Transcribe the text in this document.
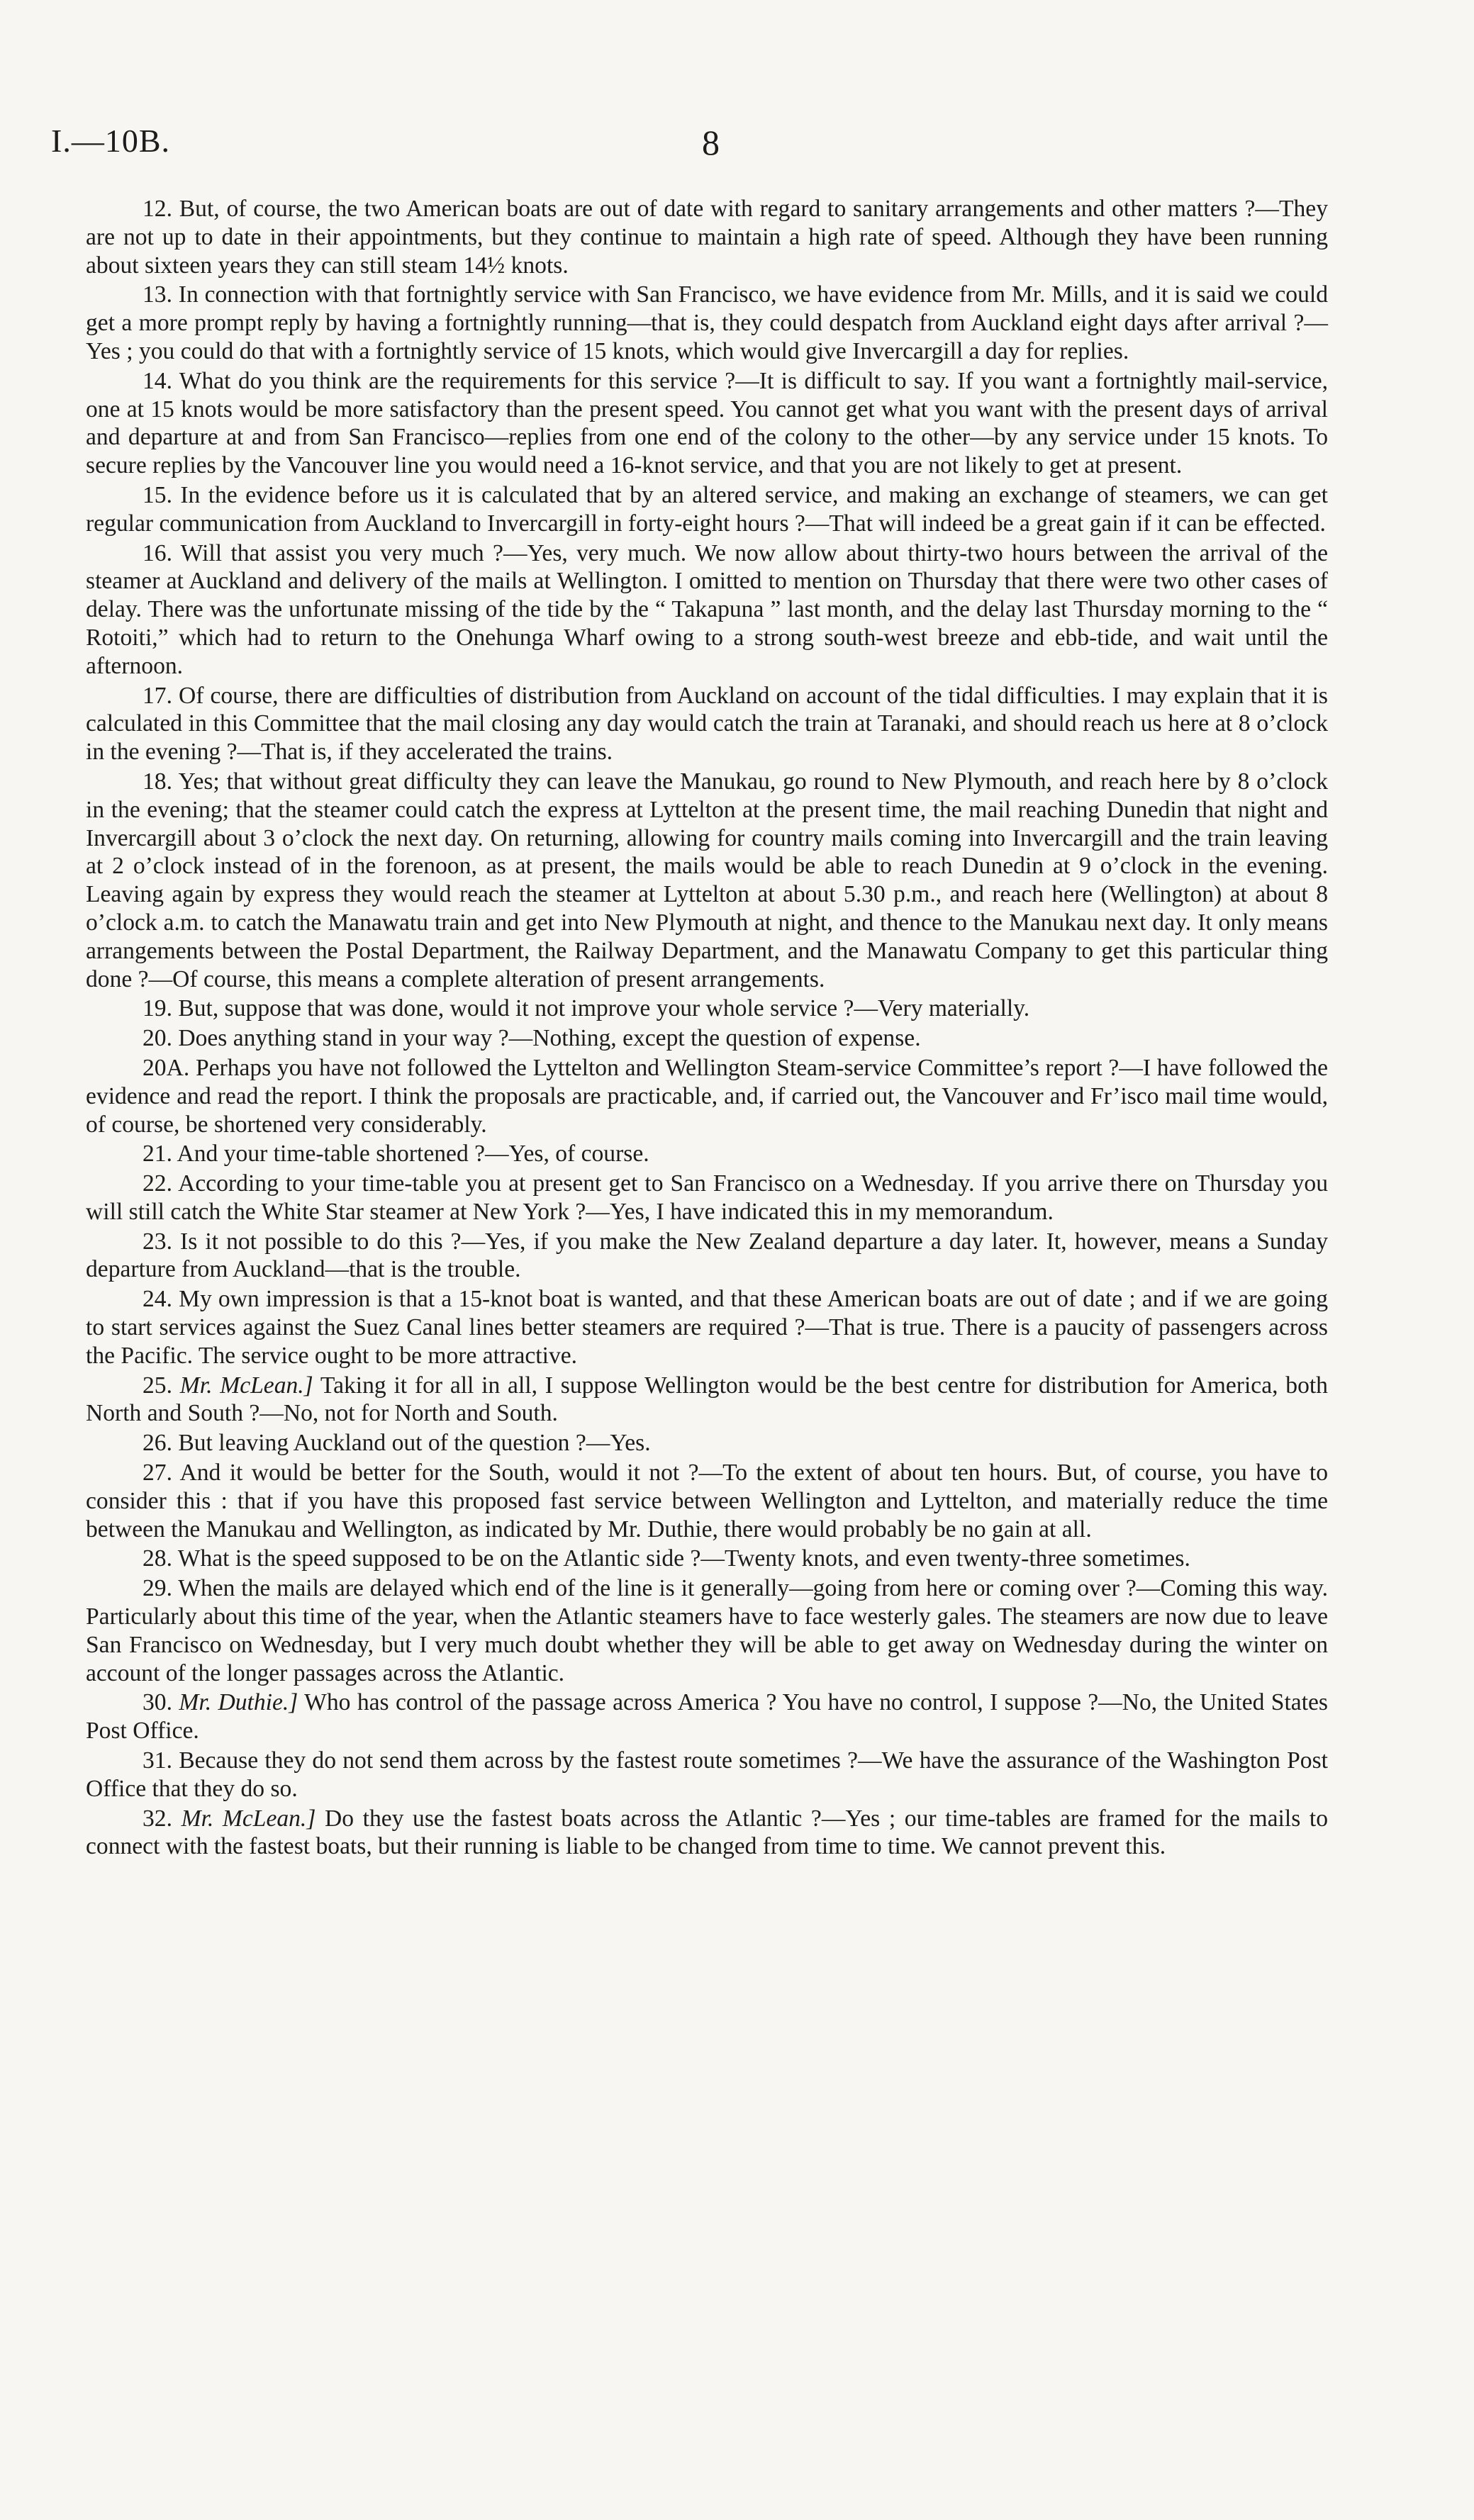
I.—10B.	8

12. But, of course, the two American boats are out of date with regard to sanitary arrangements and other matters ?—They are not up to date in their appointments, but they continue to maintain a high rate of speed. Although they have been running about sixteen years they can still steam 14½ knots.

13. In connection with that fortnightly service with San Francisco, we have evidence from Mr. Mills, and it is said we could get a more prompt reply by having a fortnightly running—that is, they could despatch from Auckland eight days after arrival ?—Yes ; you could do that with a fortnightly service of 15 knots, which would give Invercargill a day for replies.

14. What do you think are the requirements for this service ?—It is difficult to say. If you want a fortnightly mail-service, one at 15 knots would be more satisfactory than the present speed. You cannot get what you want with the present days of arrival and departure at and from San Francisco—replies from one end of the colony to the other—by any service under 15 knots. To secure replies by the Vancouver line you would need a 16-knot service, and that you are not likely to get at present.

15. In the evidence before us it is calculated that by an altered service, and making an exchange of steamers, we can get regular communication from Auckland to Invercargill in forty-eight hours ?—That will indeed be a great gain if it can be effected.

16. Will that assist you very much ?—Yes, very much. We now allow about thirty-two hours between the arrival of the steamer at Auckland and delivery of the mails at Wellington. I omitted to mention on Thursday that there were two other cases of delay. There was the unfortunate missing of the tide by the “ Takapuna ” last month, and the delay last Thursday morning to the “ Rotoiti,” which had to return to the Onehunga Wharf owing to a strong south-west breeze and ebb-tide, and wait until the afternoon.

17. Of course, there are difficulties of distribution from Auckland on account of the tidal difficulties. I may explain that it is calculated in this Committee that the mail closing any day would catch the train at Taranaki, and should reach us here at 8 o’clock in the evening ?—That is, if they accelerated the trains.

18. Yes; that without great difficulty they can leave the Manukau, go round to New Plymouth, and reach here by 8 o’clock in the evening; that the steamer could catch the express at Lyttelton at the present time, the mail reaching Dunedin that night and Invercargill about 3 o’clock the next day. On returning, allowing for country mails coming into Invercargill and the train leaving at 2 o’clock instead of in the forenoon, as at present, the mails would be able to reach Dunedin at 9 o’clock in the evening. Leaving again by express they would reach the steamer at Lyttelton at about 5.30 p.m., and reach here (Wellington) at about 8 o’clock a.m. to catch the Manawatu train and get into New Plymouth at night, and thence to the Manukau next day. It only means arrangements between the Postal Department, the Railway Department, and the Manawatu Company to get this particular thing done ?—Of course, this means a complete alteration of present arrangements.

19. But, suppose that was done, would it not improve your whole service ?—Very materially.

20. Does anything stand in your way ?—Nothing, except the question of expense.

20A. Perhaps you have not followed the Lyttelton and Wellington Steam-service Committee’s report ?—I have followed the evidence and read the report. I think the proposals are practicable, and, if carried out, the Vancouver and Fr’isco mail time would, of course, be shortened very considerably.

21. And your time-table shortened ?—Yes, of course.

22. According to your time-table you at present get to San Francisco on a Wednesday. If you arrive there on Thursday you will still catch the White Star steamer at New York ?—Yes, I have indicated this in my memorandum.

23. Is it not possible to do this ?—Yes, if you make the New Zealand departure a day later. It, however, means a Sunday departure from Auckland—that is the trouble.

24. My own impression is that a 15-knot boat is wanted, and that these American boats are out of date ; and if we are going to start services against the Suez Canal lines better steamers are required ?—That is true. There is a paucity of passengers across the Pacific. The service ought to be more attractive.

25. Mr. McLean.] Taking it for all in all, I suppose Wellington would be the best centre for distribution for America, both North and South ?—No, not for North and South.

26. But leaving Auckland out of the question ?—Yes.

27. And it would be better for the South, would it not ?—To the extent of about ten hours. But, of course, you have to consider this : that if you have this proposed fast service between Wellington and Lyttelton, and materially reduce the time between the Manukau and Wellington, as indicated by Mr. Duthie, there would probably be no gain at all.

28. What is the speed supposed to be on the Atlantic side ?—Twenty knots, and even twenty-three sometimes.

29. When the mails are delayed which end of the line is it generally—going from here or coming over ?—Coming this way. Particularly about this time of the year, when the Atlantic steamers have to face westerly gales. The steamers are now due to leave San Francisco on Wednesday, but I very much doubt whether they will be able to get away on Wednesday during the winter on account of the longer passages across the Atlantic.

30. Mr. Duthie.] Who has control of the passage across America ? You have no control, I suppose ?—No, the United States Post Office.

31. Because they do not send them across by the fastest route sometimes ?—We have the assurance of the Washington Post Office that they do so.

32. Mr. McLean.] Do they use the fastest boats across the Atlantic ?—Yes ; our time-tables are framed for the mails to connect with the fastest boats, but their running is liable to be changed from time to time. We cannot prevent this.
